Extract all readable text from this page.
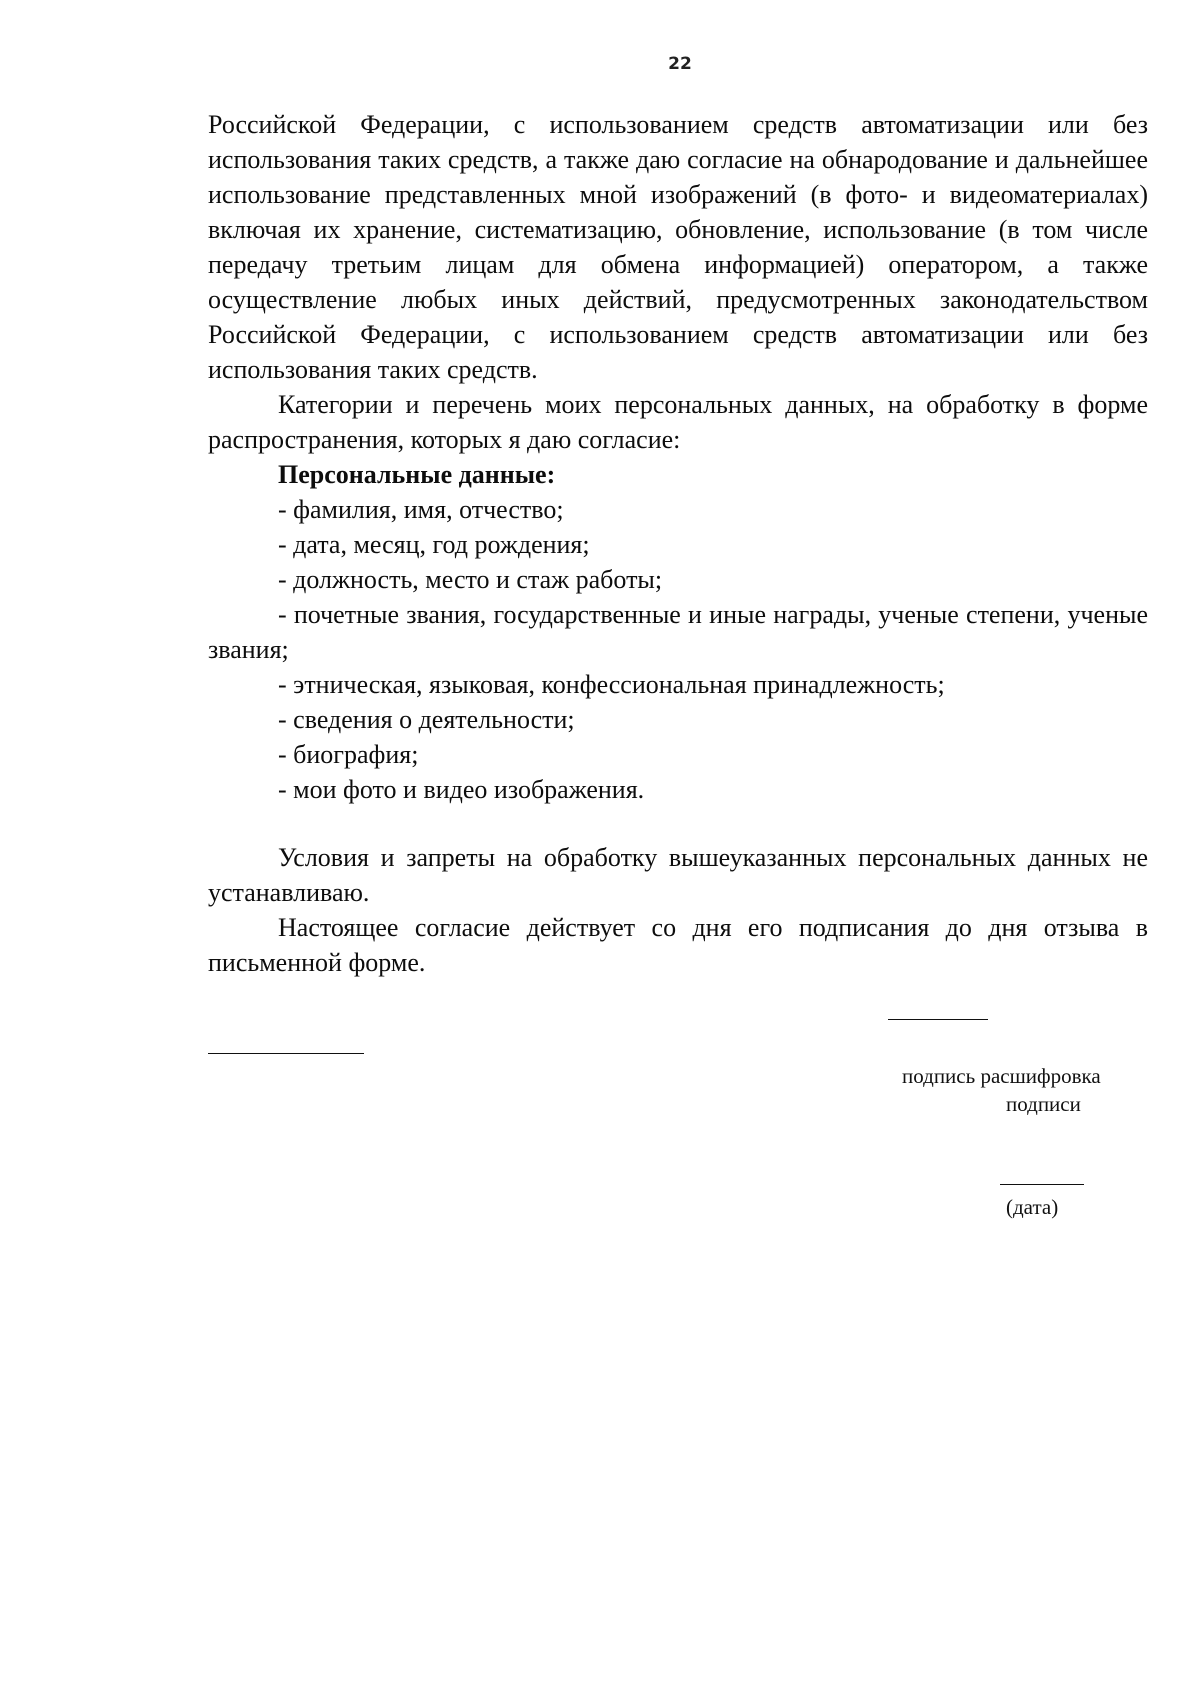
22

Российской Федерации, с использованием средств автоматизации или без использования таких средств, а также даю согласие на обнародование и дальнейшее использование представленных мной изображений (в фото- и видеоматериалах) включая их хранение, систематизацию, обновление, использование (в том числе передачу третьим лицам для обмена информацией) оператором, а также осуществление любых иных действий, предусмотренных законодательством Российской Федерации, с использованием средств автоматизации или без использования таких средств.

Категории и перечень моих персональных данных, на обработку в форме распространения, которых я даю согласие:

Персональные данные:

- фамилия, имя, отчество;

- дата, месяц, год рождения;

- должность, место и стаж работы;

- почетные звания, государственные и иные награды, ученые степени, ученые звания;

- этническая, языковая, конфессиональная принадлежность;

- сведения о деятельности;

- биография;

- мои фото и видео изображения.

Условия и запреты на обработку вышеуказанных персональных данных не устанавливаю.

Настоящее согласие действует со дня его подписания до дня отзыва в письменной форме.

подпись расшифровка
подписи
(дата)
